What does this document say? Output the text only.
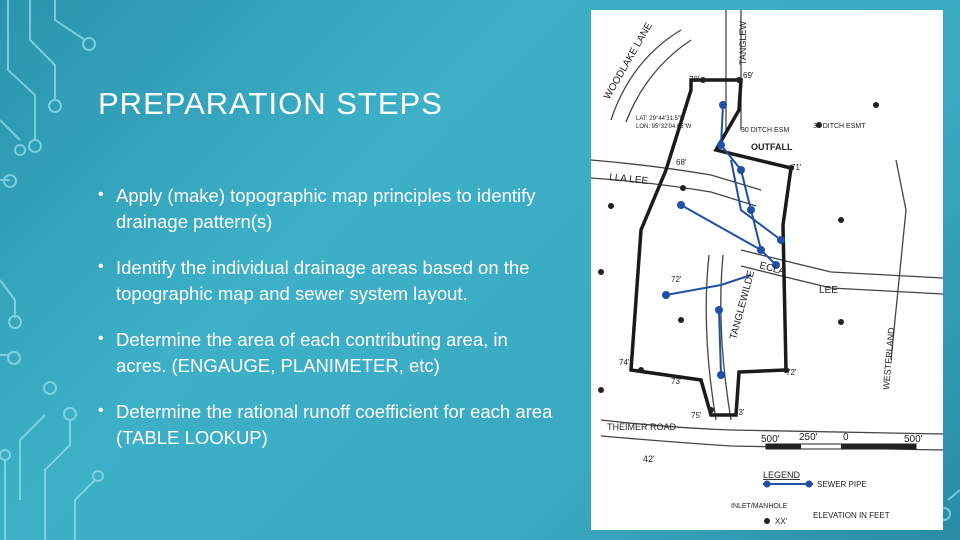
PREPARATION STEPS
• Apply (make) topographic map principles to identify drainage pattern(s)
• Identify the individual drainage areas based on the topographic map and sewer system layout.
• Determine the area of each contributing area, in acres. (ENGAUGE, PLANIMETER, etc)
• Determine the rational runoff coefficient for each area (TABLE LOOKUP)
WOODLAKE LANE	TANGLEW
LLA LEE
TANGLEWILDE
ECLA
LEE
WESTERLAND
THEIMER ROAD
LAT: 29°44'31.5"N
LON: 95°32'04.65"W	30 DITCH ESM
OUTFALL
30 DITCH ESMT
70'	69'
68'
71'
72'
74'
73'
75'	73'
72'
42'
500' 250'	0	500'
LEGEND
SEWER PIPE
INLET/MANHOLE
XX'
ELEVATION IN FEET
